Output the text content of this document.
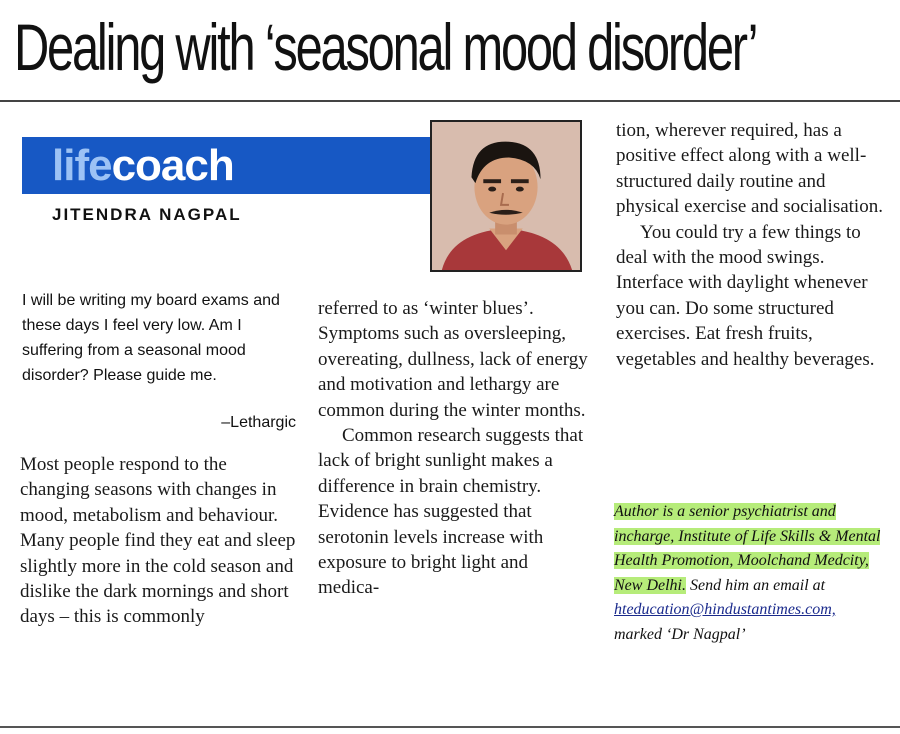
Dealing with ‘seasonal mood disorder’
lifecoach
JITENDRA NAGPAL
I will be writing my board exams and these days I feel very low. Am I suffering from a seasonal mood disorder? Please guide me.
–Lethargic

Most people respond to the changing seasons with changes in mood, metabolism and behaviour. Many people find they eat and sleep slightly more in the cold season and dislike the dark mornings and short days – this is commonly

referred to as ‘winter blues’. Symptoms such as oversleeping, overeating, dullness, lack of energy and motivation and lethargy are common during the winter months.

Common research suggests that lack of bright sunlight makes a difference in brain chemistry. Evidence has suggested that serotonin levels increase with exposure to bright light and medica-

tion, wherever required, has a positive effect along with a well-structured daily routine and physical exercise and socialisation.

You could try a few things to deal with the mood swings. Interface with daylight whenever you can. Do some structured exercises. Eat fresh fruits, vegetables and healthy beverages.

Author is a senior psychiatrist and incharge, Institute of Life Skills & Mental Health Promotion, Moolchand Medcity, New Delhi. Send him an email at hteducation@hindustantimes.com, marked ‘Dr Nagpal’
